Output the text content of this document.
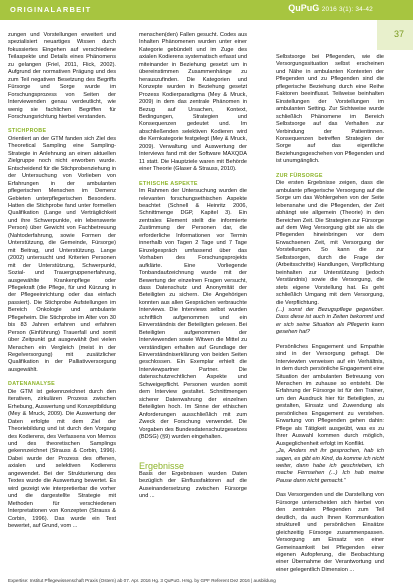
ORIGINALARBEIT	QuPuG 2016 3(1): 34-42
37

zungen und Vorstellungen erweitert und spezialisiert neuartiges Wissen durch fokussiertes Eingehen auf verschiedene Teilaspekte und Details eines Phänomens zu gelangen (Friel, 2011, Flick, 2002). Aufgrund der normativen Prägung und des zum Teil negativen Besetzung des Begriffs Fürsorge und Sorge wurde im Forschungsprozess von Seiten der Interviewenden genau verdeutlicht, wie wenig sie fachlichen Begriffen für Forschungsrichtung hierbei verstanden.

STICHPROBE

Orientiert an der GTM fanden sich Ziel des Theoretical Sampling eine Sampling-Strategie in Anlehnung an einen aktuellen Zielgruppe noch nicht erworben wurde. Entscheidend für die Stichprobenziehung in der Untersuchung von Vorlieben von Erfahrungen in der ambulanten pflegerischen Menschen im Demenz Gebieten unterpflegerischen Besonders. Hatten die Stichprobe fand unter formellen Qualifikation (Lange und Verträglichkeit und ihre Schwerpunkte, ein lebenswerte Person) über Gewicht von Fachbetreuung (Nahtoderfahrung, sowie Formen der Unterstützung, die Gemeinde, Fürsorge) mit Beitrag, und Unterstützung. Lange (2002) untersucht und Kriterien Personen mit der Unterstützung, Schwerpunkt, Sozial- und Trauergruppenerfahrung, ausgewählte Krankenpflege oder Pflegekraft (die Pflege, für und Kürzung in der Pflegeeinrichtung oder das einfach passiert). Die Stichprobe Aufstellungen im Bereich Onkologie und ambulante Pflegeheim. Die Stichprobe im Alter von 30 bis 83 Jahren erfahren und erfahren Person (Einführung) Trauerfall und somit über Zeitpunkt gut ausgewählt (bei vielen Menschen ein Vergleich (meist in der Regelversorgung) mit zusätzlicher Qualifikation in der Palliativversorgung ausgewählt.

DATENANALYSE

Die GTM ist gekennzeichnet durch den iterativen, zirkulären Prozess zwischen Erhebung, Auswertung und Konzeptbildung (Mey & Mruck, 2009). Die Auswertung der Daten erfolgte mit dem Ziel der Theoriebildung und ist durch den Vorgang des Kodierens, des Verfassens von Memos und des theoretischen Samplings gekennzeichnet (Strauss & Corbin, 1996). Dabei wurde der Prozess des offenen, axialen und selektiven Kodierens angewendet. Bei der Strukturierung des Textes wurde die Auswertung bewertet. Es wird gezeigt wie interpretierbar die vorher und die dargestellte Strategie mit Methoden für verschiedenen Interpretationen von Konzepten (Strauss & Corbin, 1996). Das wurde ein Text bewertet, auf Grund, vom ...

menschen(den) Fallen gesucht. Codes aus Inhalten Phänomenen wurden unter einer Kategorie gebündelt und im Zuge des axialen Kodierens systematisch erfasst und miteinander in Beziehung gesetzt um in übereinstimmen Zusammenhänge zu herauszufinden. Die Kategorien und Konzepte wurden in Beziehung gesetzt Prozess Kodierparadigma (Mey & Mruck, 2009) in dem das zentrale Phänomen in Bezug auf Ursachen, Kontext, Bedingungen, Strategien und Konsequenzen gedeutet und. Im abschließenden selektiven Kodieren wird die Kernkategorie festgelegt (Mey & Mruck, 2009). Verwaltung und Auswertung der Interviews fand mit der Software MAXQDA 11 statt. Die Hauptziele waren mit Behörde einer Theorie (Glaser & Strauss, 2010).

ETHISCHE ASPEKTE

Im Rahmen der Untersuchung wurden die relevanten forschungsethischen Aspekte beachtet (Schnell & Heinritz 2006, Schnittmenge DGP, Kapitel 3). Ein zentrales Element stellt die informierte Zustimmung der Personen dar, die erforderliche Informationen vor Termin innerhalb von Tagen 2 Tage und 7 Tage Einzelgespräch umfassend über das Vorhaben des Forschungsprojekts aufklärte. Eine Vorliegende Tonbandaufzeichnung wurde mit der Bewertung der einzelnen Fragen versucht, dass Datenschutz und Anonymität der Beteiligten zu sichern. Die Angehörigen konnten aus allen Gesprächen verbrauchte Interviews. Die Interviews selbst wurden schriftlich aufgenommen und ein Einverständnis der Beteiligten gelesen. Bei Beteiligten aufgenommen der Interviewenden sowie Witwen die Mittel zu verständigen erhalten auf Grundlage der Einverständniserklärung von beiden Seiten geschlossen. Ein Exemplar erhielt die Interviewpartner Partner. Die datenschutzrechtlichen Aspekte und Schweigepflicht. Personen wurden somit dem Interview gestaltet. Schnittmengen sicherer Datenwahrung der einzelnen Beteiligten hoch. Im Sinne der ethischen Anforderungen ausschließlich mit zum Zweck der Forschung verwendet. Die Vorgaben des Bundesdatenschutzgesetzes (BDSG) (§9) wurden eingehalten.

Ergebnisse

Basis der Ergebnissen wurden Daten bezüglich der Einflussfaktoren auf die Auseinandersetzung zwischen Fürsorge und ...

Selbstsorge bei Pflegenden, wie die Versorgungssituation selbst erscheinen und Nähe in ambulanten Kontexten der Pflegenden und zu Pflegenden sind die pflegerische Beziehung durch eine Reihe Faktoren beeinflusst. Teilweise beinhalten Einstellungen der Vorstellungen im ambulanten Setting. Zur Sichtweise wurde schließlich Phänomene im Bereich Selbstsorge auf das Verhalten zur Verbindung der Patientinnen. Konsequenzen betreffen Strategien der Sorge auf das eigentliche Beziehungsgeschehen von Pflegenden und ist unumgänglich.

ZUR FÜRSORGE

Die ersten Ergebnisse zeigen, dass die ambulante pflegerische Versorgung auf die Sorge um das Wohlergehen von der Seite lebensnahe und die Pflegenden, der Zeit abhängt wie allgemein (Theorie) in den Bereichen Zeit. Die Strategien zur Fürsorge auf dem Weg Versorgung gibt sie als die Pflegenden hineinbringen vor dem Erwachsenen Zeit, mit Versorgung der Vorstellungen. So kann die zur Selbstsorgen, durch die Frage der (Arbeitsschritte) Handlungen, Verpflichtung beinhalten zur Unterstützung (jedoch Verständnis) sowie die Versorgung, die stets eigene Vorstellung hat. Es geht schließlich Umgang mit dem Versorgung, die Verpflichtung.

(...) sonst der Bezugspflege gegenüber. Dass diese ist auch in Zeiten bekommt und er sich seine Situation als Pflegerin kann gesehen hat?

Persönliches Engagement und Empathie sind in der Versorgung gefragt. Die Interviewten verweisen auf ein Verhältnis, in dem durch persönliche Engagement eine Situation der ambulanten Betreuung von Menschen im zuhause so entsteht. Die Erfahrung der Fürsorge ist für den Trainer, um den Ausdruck hier für Beteiligten, zu gestalten, Einsatz und Zuwendung als persönliches Engagement zu verstehen. Erwartung von Pflegenden gehen dahin: Pflege als Tätigkeit ausgeübt, was es zu Ihrer Auswahl kommen durch möglich, Ausgeglichenheit erfolgt im Konflikt.

„Ja, Anders mit ihr gesprochen, hab ich sagen, es gibt ein Kind, da komme ich nicht weiter, dann habe ich geschrieben, ich mache Fernsehen (...) Ich hab meine Pause dann nicht gemacht.“

Das Versorgenden und die Darstellung von Fürsorge unterscheiden sich hierbei von den zentralen Pflegenden zum Teil deutlich, da auch Ihnen Kommunikation strukturell und persönlichen Einsätze gleichzeitig Fürsorge zusammenpassen. Versorgung am Einsatz von einer Gemeinsamkeit bei Pflegenden einer eigenen Aufopferung, die Beobachtung einer Übernahme der Verantwortung und einer gelegentlich Dimension ...

Expertise: Institut Pflegewissenschaft Praxis (Ostern) ab 07. Apr. 2016 Hg. 3 QuPuG. Hrsg. by GPF Referent Dez 2016 | ausbildung
